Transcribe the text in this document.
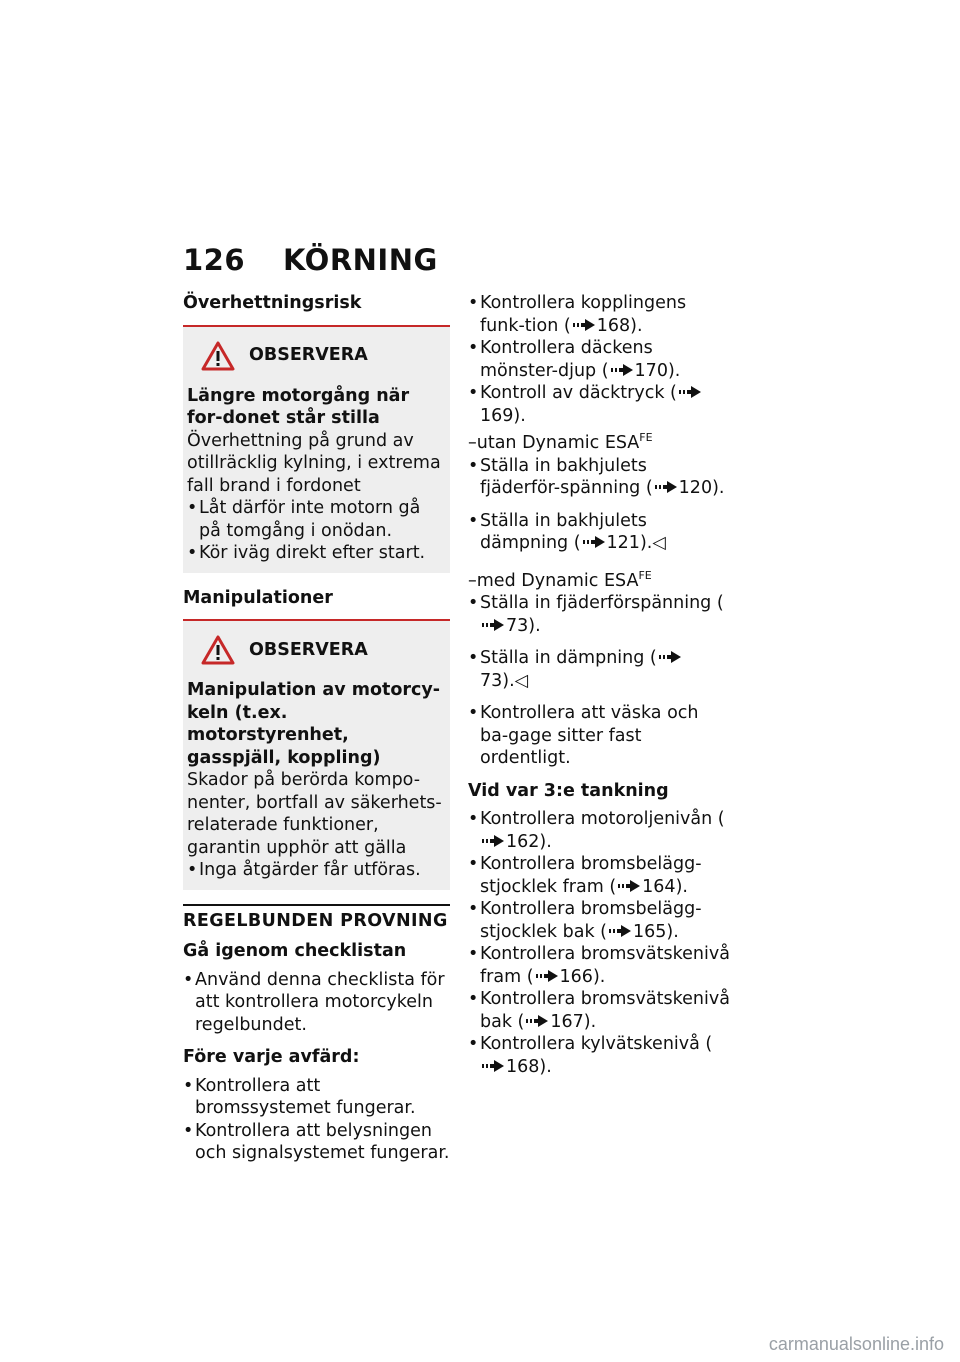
126 KÖRNING
Överhettningsrisk
OBSERVERA
Längre motorgång när for-donet står stilla
Överhettning på grund av otillräcklig kylning, i extrema fall brand i fordonet
• Låt därför inte motorn gå på tomgång i onödan.
• Kör iväg direkt efter start.
Manipulationer
OBSERVERA
Manipulation av motorcy-keln (t.ex. motorstyrenhet, gasspjäll, koppling)
Skador på berörda kompo-nenter, bortfall av säkerhets-relaterade funktioner, garantin upphör att gälla
• Inga åtgärder får utföras.
REGELBUNDEN PROVNING
Gå igenom checklistan
• Använd denna checklista för att kontrollera motorcykeln regelbundet.
Före varje avfärd:
• Kontrollera att bromssystemet fungerar.
• Kontrollera att belysningen och signalsystemet fungerar.
• Kontrollera kopplingens funk-tion ( 168).
• Kontrollera däckens mönster-djup ( 170).
• Kontroll av däcktryck (169).
–utan Dynamic $ESA^{FE}$
• Ställa in bakhjulets fjäderför-spänning ( 120).
• Ställa in bakhjulets dämpning ( 121).◁
–med Dynamic $ESA^{FE}$
• Ställa in fjäderförspänning (73).
• Ställa in dämpning (73).◁
• Kontrollera att väska och ba-gage sitter fast ordentligt.
Vid var 3:e tankning
• Kontrollera motoroljenivån (162).
• Kontrollera bromsbelägg-stjocklek fram ( 164).
• Kontrollera bromsbelägg-stjocklek bak ( 165).
• Kontrollera bromsvätskenivå fram ( 166).
• Kontrollera bromsvätskenivå bak ( 167).
• Kontrollera kylvätskenivå (168).
carmanualsonline.info
